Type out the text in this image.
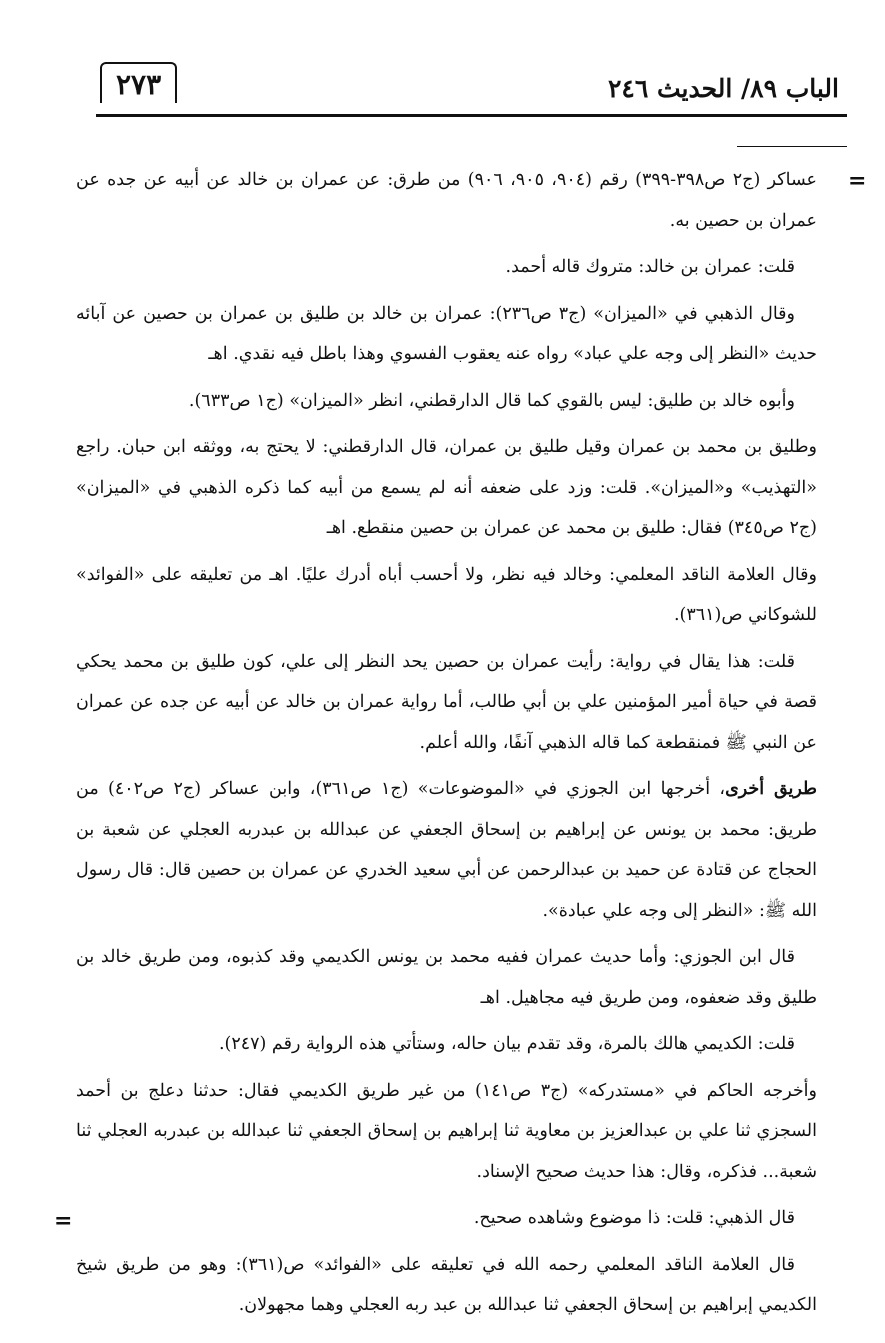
الباب ٨٩/ الحديث ٢٤٦
٢٧٣
=
=

عساكر (ج٢ ص٣٩٨-٣٩٩) رقم (٩٠٤، ٩٠٥، ٩٠٦) من طرق: عن عمران بن خالد عن أبيه عن جده عن عمران بن حصين به.

قلت: عمران بن خالد: متروك قاله أحمد.

وقال الذهبي في «الميزان» (ج٣ ص٢٣٦): عمران بن خالد بن طليق بن عمران بن حصين عن آبائه حديث «النظر إلى وجه علي عباد» رواه عنه يعقوب الفسوي وهذا باطل فيه نقدي. اهـ

وأبوه خالد بن طليق: ليس بالقوي كما قال الدارقطني، انظر «الميزان» (ج١ ص٦٣٣).

وطليق بن محمد بن عمران وقيل طليق بن عمران، قال الدارقطني: لا يحتج به، ووثقه ابن حبان. راجع «التهذيب» و«الميزان». قلت: وزد على ضعفه أنه لم يسمع من أبيه كما ذكره الذهبي في «الميزان» (ج٢ ص٣٤٥) فقال: طليق بن محمد عن عمران بن حصين منقطع. اهـ

وقال العلامة الناقد المعلمي: وخالد فيه نظر، ولا أحسب أباه أدرك عليًا. اهـ من تعليقه على «الفوائد» للشوكاني ص(٣٦١).

قلت: هذا يقال في رواية: رأيت عمران بن حصين يحد النظر إلى علي، كون طليق بن محمد يحكي قصة في حياة أمير المؤمنين علي بن أبي طالب، أما رواية عمران بن خالد عن أبيه عن جده عن عمران عن النبي ﷺ فمنقطعة كما قاله الذهبي آنفًا، والله أعلم.

طريق أخرى، أخرجها ابن الجوزي في «الموضوعات» (ج١ ص٣٦١)، وابن عساكر (ج٢ ص٤٠٢) من طريق: محمد بن يونس عن إبراهيم بن إسحاق الجعفي عن عبدالله بن عبدربه العجلي عن شعبة بن الحجاج عن قتادة عن حميد بن عبدالرحمن عن أبي سعيد الخدري عن عمران بن حصين قال: قال رسول الله ﷺ: «النظر إلى وجه علي عبادة».

قال ابن الجوزي: وأما حديث عمران ففيه محمد بن يونس الكديمي وقد كذبوه، ومن طريق خالد بن طليق وقد ضعفوه، ومن طريق فيه مجاهيل. اهـ

قلت: الكديمي هالك بالمرة، وقد تقدم بيان حاله، وستأتي هذه الرواية رقم (٢٤٧).

وأخرجه الحاكم في «مستدركه» (ج٣ ص١٤١) من غير طريق الكديمي فقال: حدثنا دعلج بن أحمد السجزي ثنا علي بن عبدالعزيز بن معاوية ثنا إبراهيم بن إسحاق الجعفي ثنا عبدالله بن عبدربه العجلي ثنا شعبة... فذكره، وقال: هذا حديث صحيح الإسناد.

قال الذهبي: قلت: ذا موضوع وشاهده صحيح.

قال العلامة الناقد المعلمي رحمه الله في تعليقه على «الفوائد» ص(٣٦١): وهو من طريق شيخ الكديمي إبراهيم بن إسحاق الجعفي ثنا عبدالله بن عبد ربه العجلي وهما مجهولان.
